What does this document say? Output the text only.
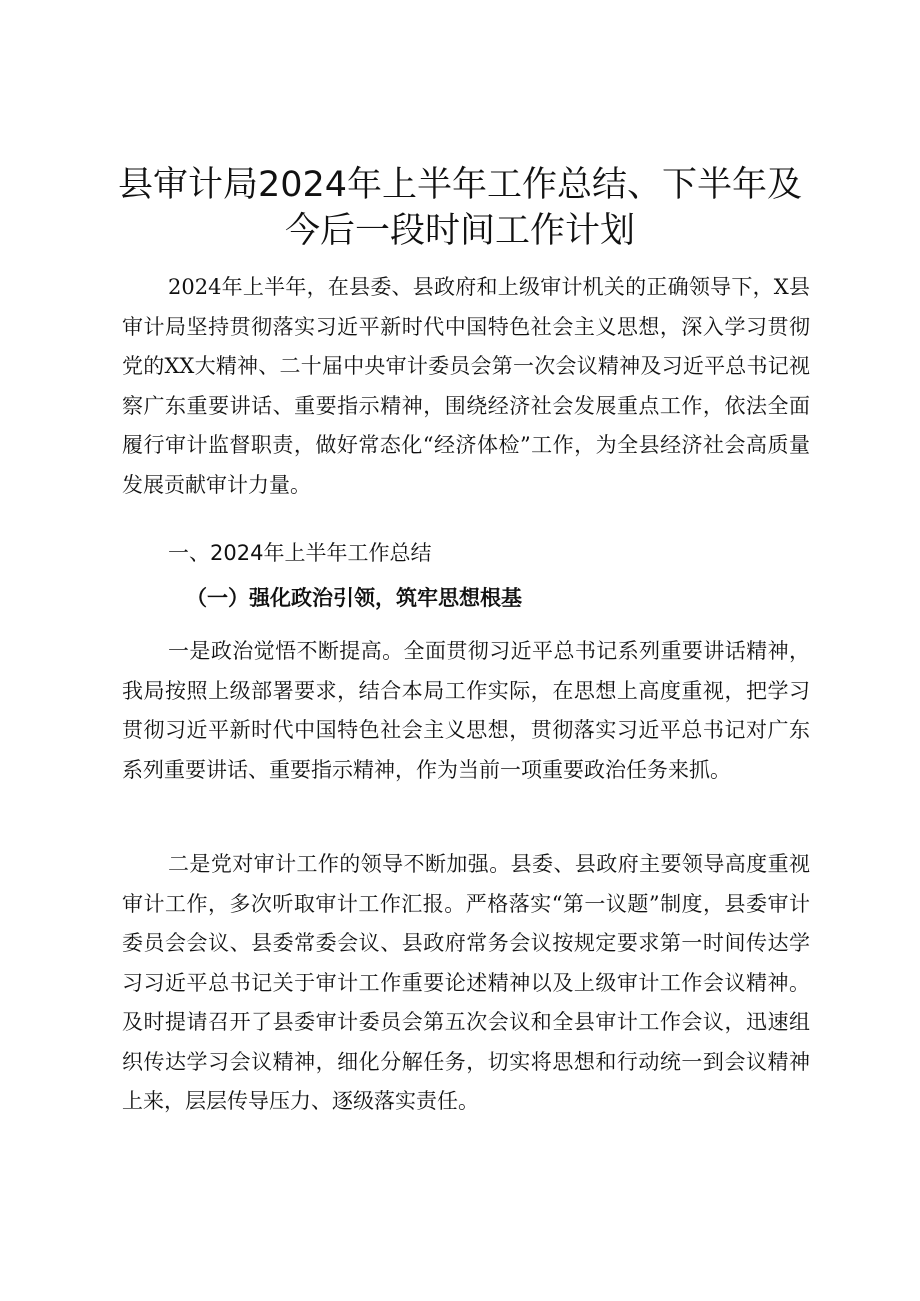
县审计局2024年上半年工作总结、下半年及
今后一段时间工作计划

2024年上半年，在县委、县政府和上级审计机关的正确领导下，X县审计局坚持贯彻落实习近平新时代中国特色社会主义思想，深入学习贯彻党的XX大精神、二十届中央审计委员会第一次会议精神及习近平总书记视察广东重要讲话、重要指示精神，围绕经济社会发展重点工作，依法全面履行审计监督职责，做好常态化“经济体检”工作，为全县经济社会高质量发展贡献审计力量。

一、2024年上半年工作总结
（一）强化政治引领，筑牢思想根基

一是政治觉悟不断提高。全面贯彻习近平总书记系列重要讲话精神，我局按照上级部署要求，结合本局工作实际，在思想上高度重视，把学习贯彻习近平新时代中国特色社会主义思想，贯彻落实习近平总书记对广东系列重要讲话、重要指示精神，作为当前一项重要政治任务来抓。

二是党对审计工作的领导不断加强。县委、县政府主要领导高度重视审计工作，多次听取审计工作汇报。严格落实“第一议题”制度，县委审计委员会会议、县委常委会议、县政府常务会议按规定要求第一时间传达学习习近平总书记关于审计工作重要论述精神以及上级审计工作会议精神。及时提请召开了县委审计委员会第五次会议和全县审计工作会议，迅速组织传达学习会议精神，细化分解任务，切实将思想和行动统一到会议精神上来，层层传导压力、逐级落实责任。
